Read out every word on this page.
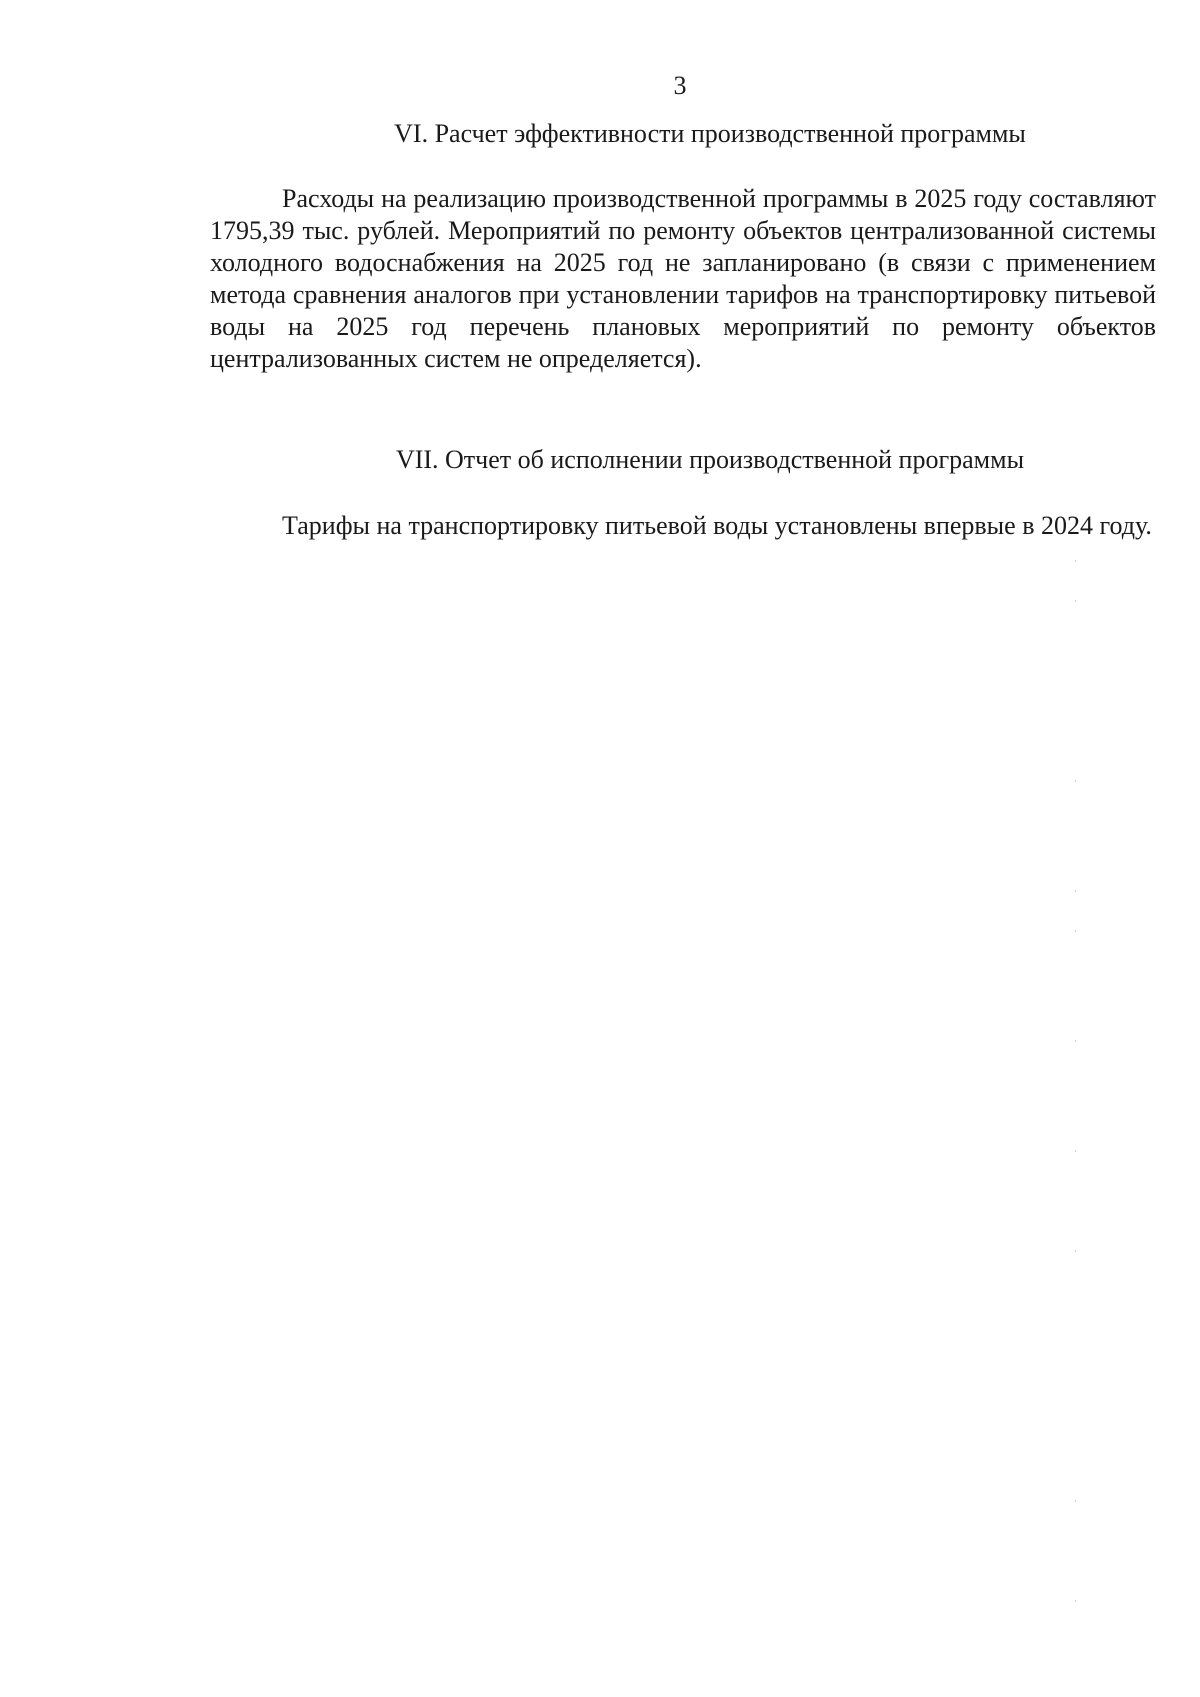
3
VI. Расчет эффективности производственной программы

Расходы на реализацию производственной программы в 2025 году составляют 1795,39 тыс. рублей. Мероприятий по ремонту объектов централизованной системы холодного водоснабжения на 2025 год не запланировано (в связи с применением метода сравнения аналогов при установлении тарифов на транспортировку питьевой воды на 2025 год перечень плановых мероприятий по ремонту объектов централизованных систем не определяется).

VII. Отчет об исполнении производственной программы

Тарифы на транспортировку питьевой воды установлены впервые в 2024 году.
